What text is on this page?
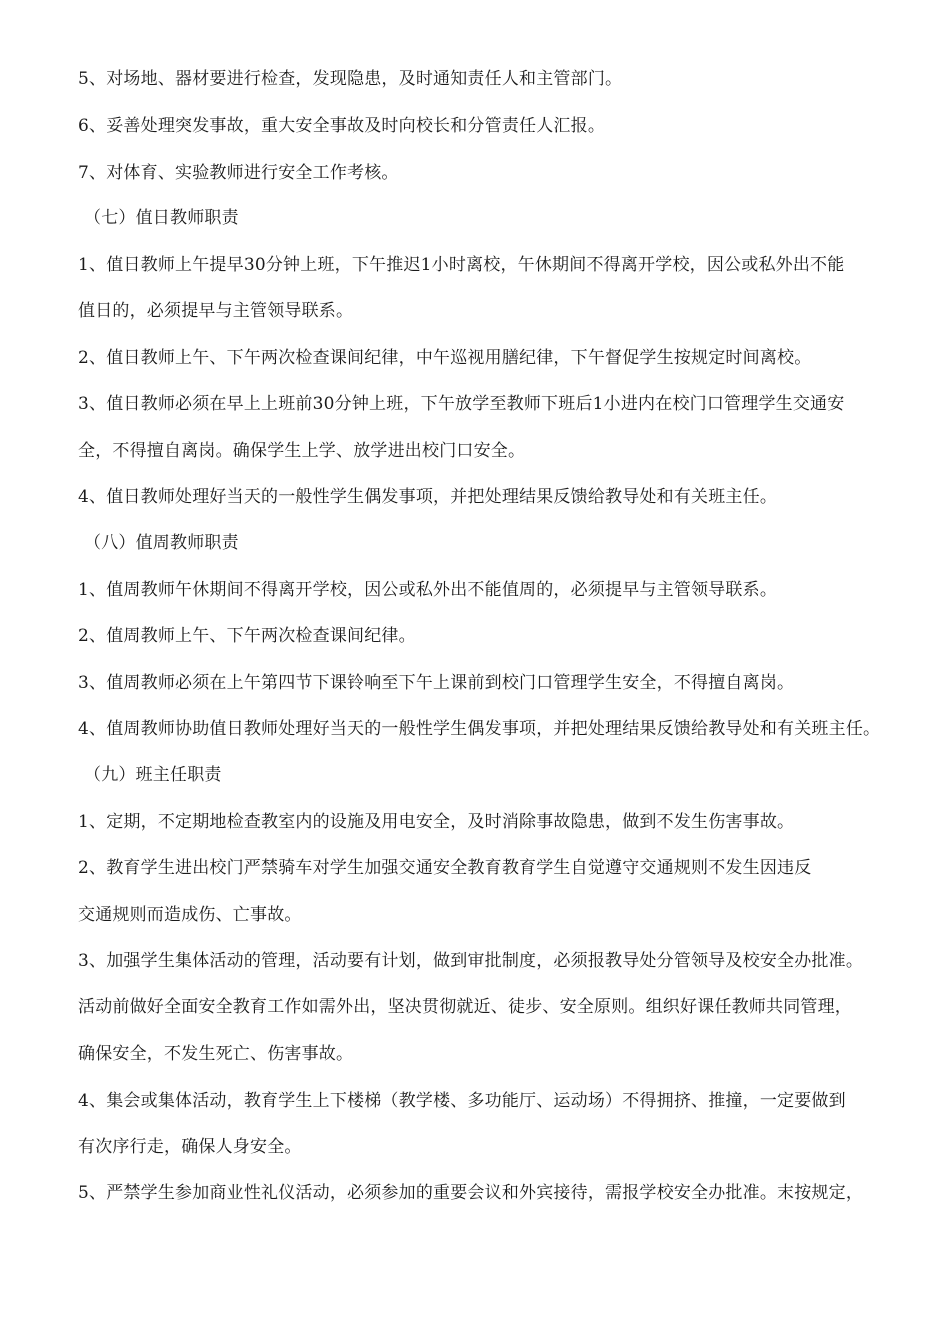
5、对场地、器材要进行检查，发现隐患，及时通知责任人和主管部门。
6、妥善处理突发事故，重大安全事故及时向校长和分管责任人汇报。
7、对体育、实验教师进行安全工作考核。
（七）值日教师职责
1、值日教师上午提早30分钟上班，下午推迟1小时离校，午休期间不得离开学校，因公或私外出不能
值日的，必须提早与主管领导联系。
2、值日教师上午、下午两次检查课间纪律，中午巡视用膳纪律，下午督促学生按规定时间离校。
3、值日教师必须在早上上班前30分钟上班，下午放学至教师下班后1小进内在校门口管理学生交通安
全，不得擅自离岗。确保学生上学、放学进出校门口安全。
4、值日教师处理好当天的一般性学生偶发事项，并把处理结果反馈给教导处和有关班主任。
（八）值周教师职责
1、值周教师午休期间不得离开学校，因公或私外出不能值周的，必须提早与主管领导联系。
2、值周教师上午、下午两次检查课间纪律。
3、值周教师必须在上午第四节下课铃响至下午上课前到校门口管理学生安全，不得擅自离岗。
4、值周教师协助值日教师处理好当天的一般性学生偶发事项，并把处理结果反馈给教导处和有关班主任。
（九）班主任职责
1、定期，不定期地检查教室内的设施及用电安全，及时消除事故隐患，做到不发生伤害事故。
2、教育学生进出校门严禁骑车对学生加强交通安全教育教育学生自觉遵守交通规则不发生因违反
交通规则而造成伤、亡事故。
3、加强学生集体活动的管理，活动要有计划，做到审批制度，必须报教导处分管领导及校安全办批准。
活动前做好全面安全教育工作如需外出，坚决贯彻就近、徒步、安全原则。组织好课任教师共同管理，
确保安全，不发生死亡、伤害事故。
4、集会或集体活动，教育学生上下楼梯（教学楼、多功能厅、运动场）不得拥挤、推撞，一定要做到
有次序行走，确保人身安全。
5、严禁学生参加商业性礼仪活动，必须参加的重要会议和外宾接待，需报学校安全办批准。末按规定，
